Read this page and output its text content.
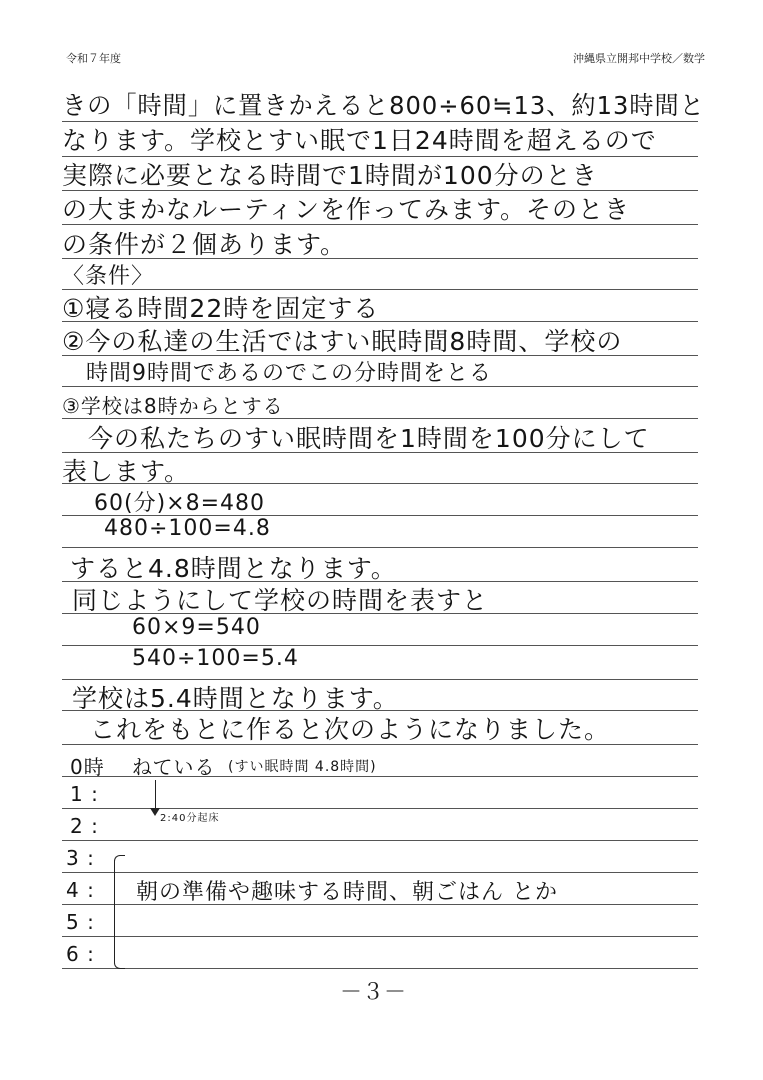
令和７年度	沖縄県立開邦中学校／数学
きの「時間」に置きかえると800÷60≒13、約13時間と
なります。学校とすい眠で1日24時間を超えるので
実際に必要となる時間で1時間が100分のとき
の大まかなルーティンを作ってみます。そのとき
の条件が２個あります。
〈条件〉
①寝る時間22時を固定する
②今の私達の生活ではすい眠時間8時間、学校の
時間9時間であるのでこの分時間をとる
③学校は8時からとする
今の私たちのすい眠時間を1時間を100分にして
表します。
60(分)×8=480
480÷100=4.8
すると4.8時間となります。
同じようにして学校の時間を表すと
60×9=540
540÷100=5.4
学校は5.4時間となります。
これをもとに作ると次のようになりました。
0時 ねている (すい眠時間 4.8時間)
1 :
2:40分起床
2 :
3 :
4 :
5 :
6 :
朝の準備や趣味する時間、朝ごはん とか
－３－
